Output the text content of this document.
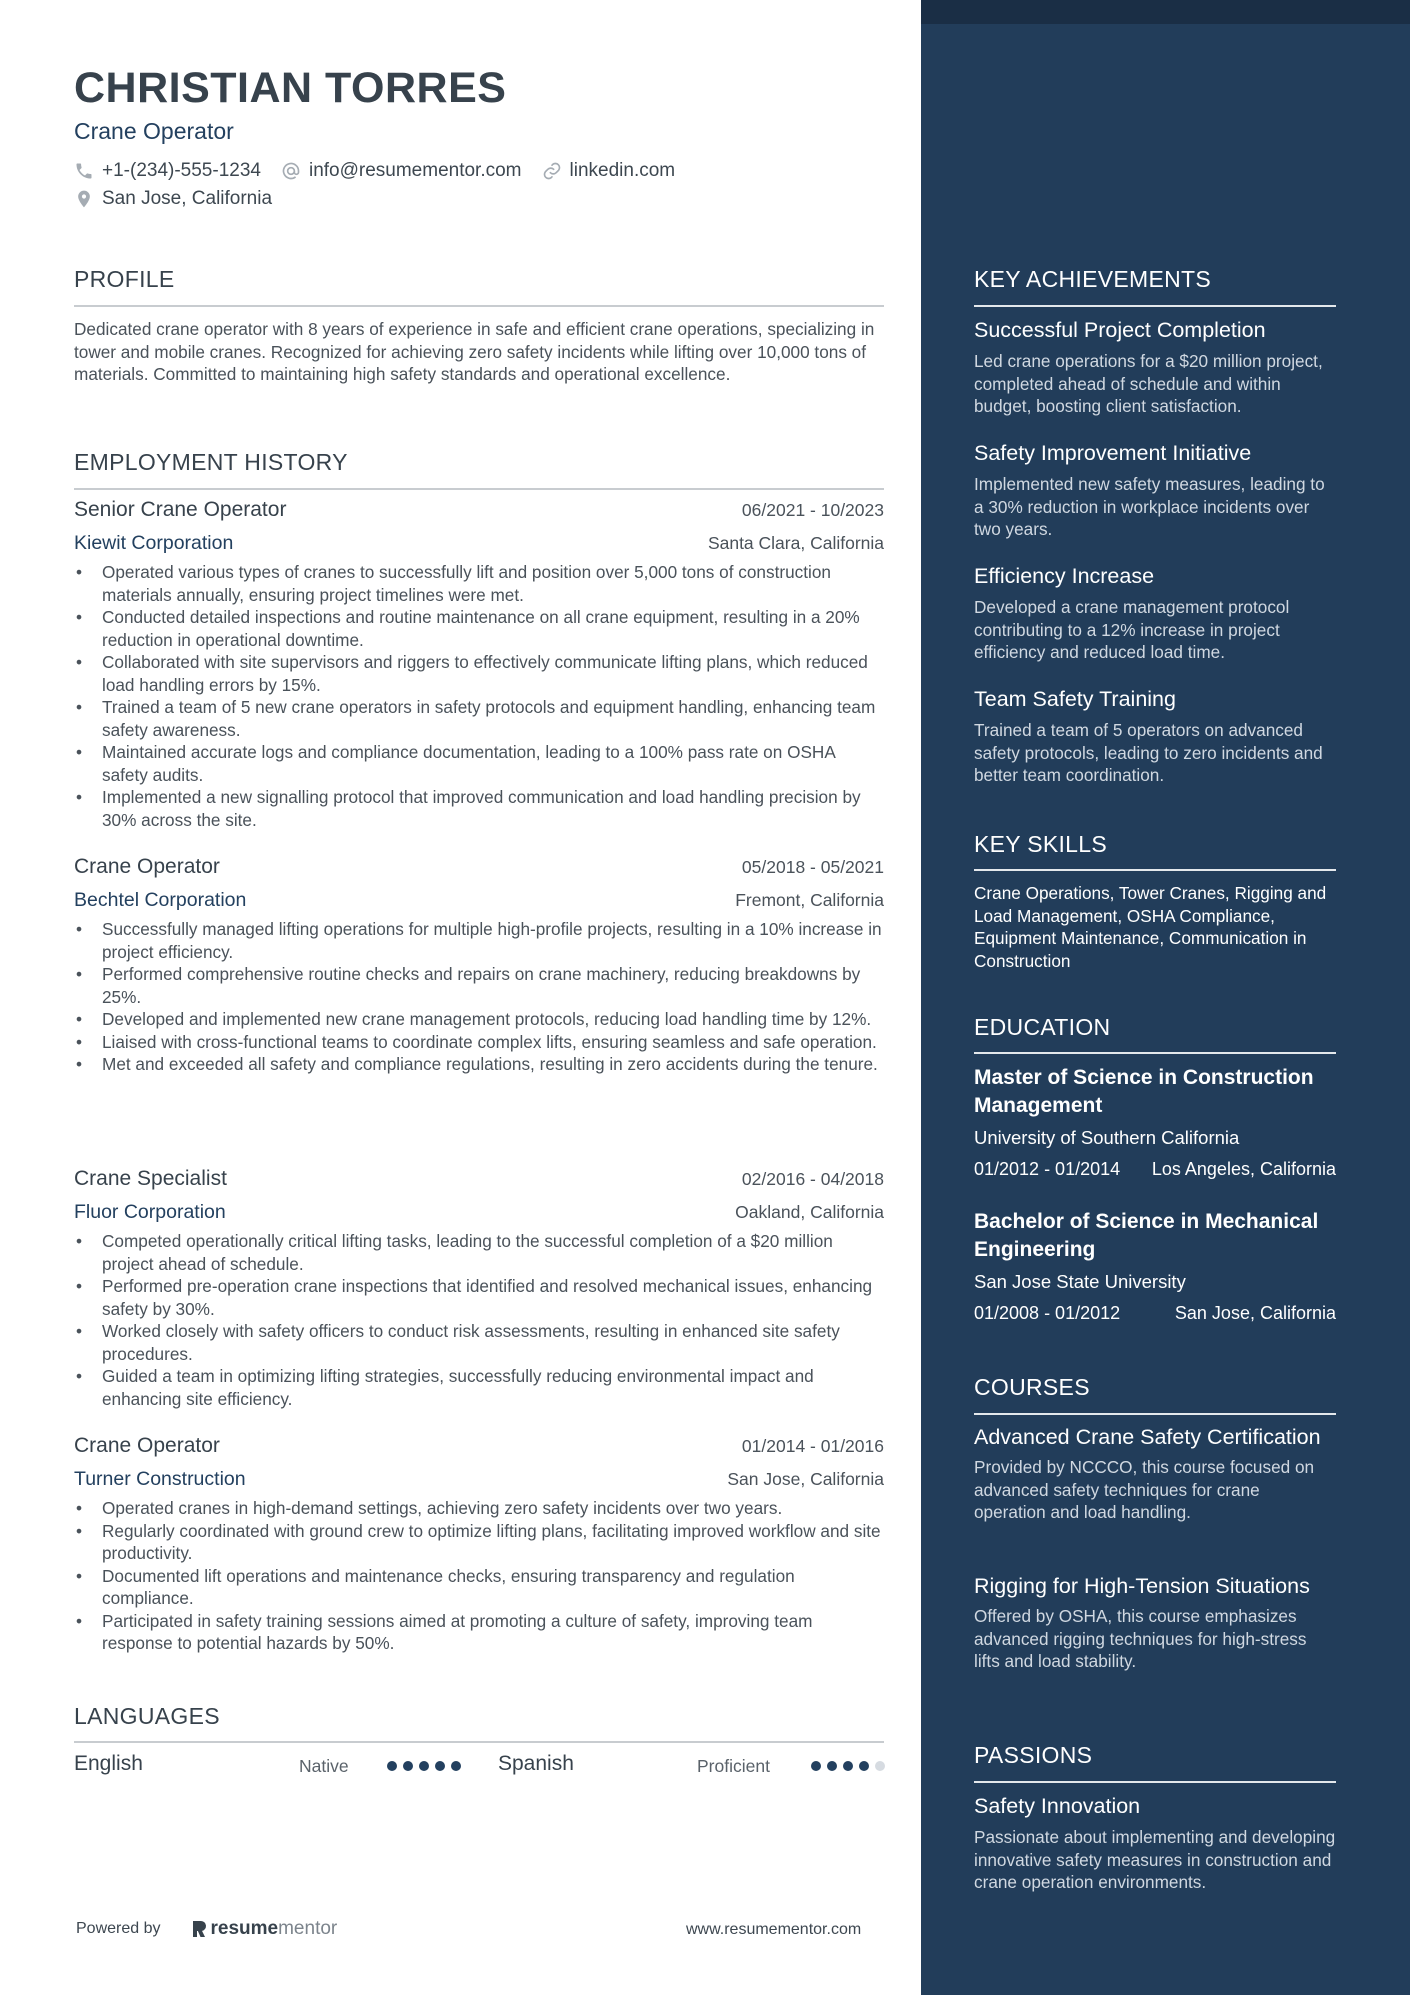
CHRISTIAN TORRES
Crane Operator
+1-(234)-555-1234	info@resumementor.com	linkedin.com
San Jose, California
PROFILE
Dedicated crane operator with 8 years of experience in safe and efficient crane operations, specializing in tower and mobile cranes. Recognized for achieving zero safety incidents while lifting over 10,000 tons of materials. Committed to maintaining high safety standards and operational excellence.
EMPLOYMENT HISTORY
Senior Crane Operator	06/2021 - 10/2023
Kiewit Corporation	Santa Clara, California
• Operated various types of cranes to successfully lift and position over 5,000 tons of construction materials annually, ensuring project timelines were met.
• Conducted detailed inspections and routine maintenance on all crane equipment, resulting in a 20% reduction in operational downtime.
• Collaborated with site supervisors and riggers to effectively communicate lifting plans, which reduced load handling errors by 15%.
• Trained a team of 5 new crane operators in safety protocols and equipment handling, enhancing team safety awareness.
• Maintained accurate logs and compliance documentation, leading to a 100% pass rate on OSHA safety audits.
• Implemented a new signalling protocol that improved communication and load handling precision by 30% across the site.
Crane Operator	05/2018 - 05/2021
Bechtel Corporation	Fremont, California
• Successfully managed lifting operations for multiple high-profile projects, resulting in a 10% increase in project efficiency.
• Performed comprehensive routine checks and repairs on crane machinery, reducing breakdowns by 25%.
• Developed and implemented new crane management protocols, reducing load handling time by 12%.
• Liaised with cross-functional teams to coordinate complex lifts, ensuring seamless and safe operation.
• Met and exceeded all safety and compliance regulations, resulting in zero accidents during the tenure.
Crane Specialist	02/2016 - 04/2018
Fluor Corporation	Oakland, California
• Competed operationally critical lifting tasks, leading to the successful completion of a $20 million project ahead of schedule.
• Performed pre-operation crane inspections that identified and resolved mechanical issues, enhancing safety by 30%.
• Worked closely with safety officers to conduct risk assessments, resulting in enhanced site safety procedures.
• Guided a team in optimizing lifting strategies, successfully reducing environmental impact and enhancing site efficiency.
Crane Operator	01/2014 - 01/2016
Turner Construction	San Jose, California
• Operated cranes in high-demand settings, achieving zero safety incidents over two years.
• Regularly coordinated with ground crew to optimize lifting plans, facilitating improved workflow and site productivity.
• Documented lift operations and maintenance checks, ensuring transparency and regulation compliance.
• Participated in safety training sessions aimed at promoting a culture of safety, improving team response to potential hazards by 50%.
LANGUAGES
English	Native	Spanish	Proficient
Powered by	resume mentor	www.resumementor.com
KEY ACHIEVEMENTS
Successful Project Completion
Led crane operations for a $20 million project, completed ahead of schedule and within budget, boosting client satisfaction.
Safety Improvement Initiative
Implemented new safety measures, leading to a 30% reduction in workplace incidents over two years.
Efficiency Increase
Developed a crane management protocol contributing to a 12% increase in project efficiency and reduced load time.
Team Safety Training
Trained a team of 5 operators on advanced safety protocols, leading to zero incidents and better team coordination.
KEY SKILLS
Crane Operations, Tower Cranes, Rigging and Load Management, OSHA Compliance, Equipment Maintenance, Communication in Construction
EDUCATION
Master of Science in Construction Management
University of Southern California
01/2012 - 01/2014 Los Angeles, California
Bachelor of Science in Mechanical Engineering
San Jose State University
01/2008 - 01/2012	San Jose, California
COURSES
Advanced Crane Safety Certification
Provided by NCCCO, this course focused on advanced safety techniques for crane operation and load handling.
Rigging for High-Tension Situations
Offered by OSHA, this course emphasizes advanced rigging techniques for high-stress lifts and load stability.
PASSIONS
Safety Innovation
Passionate about implementing and developing innovative safety measures in construction and crane operation environments.
